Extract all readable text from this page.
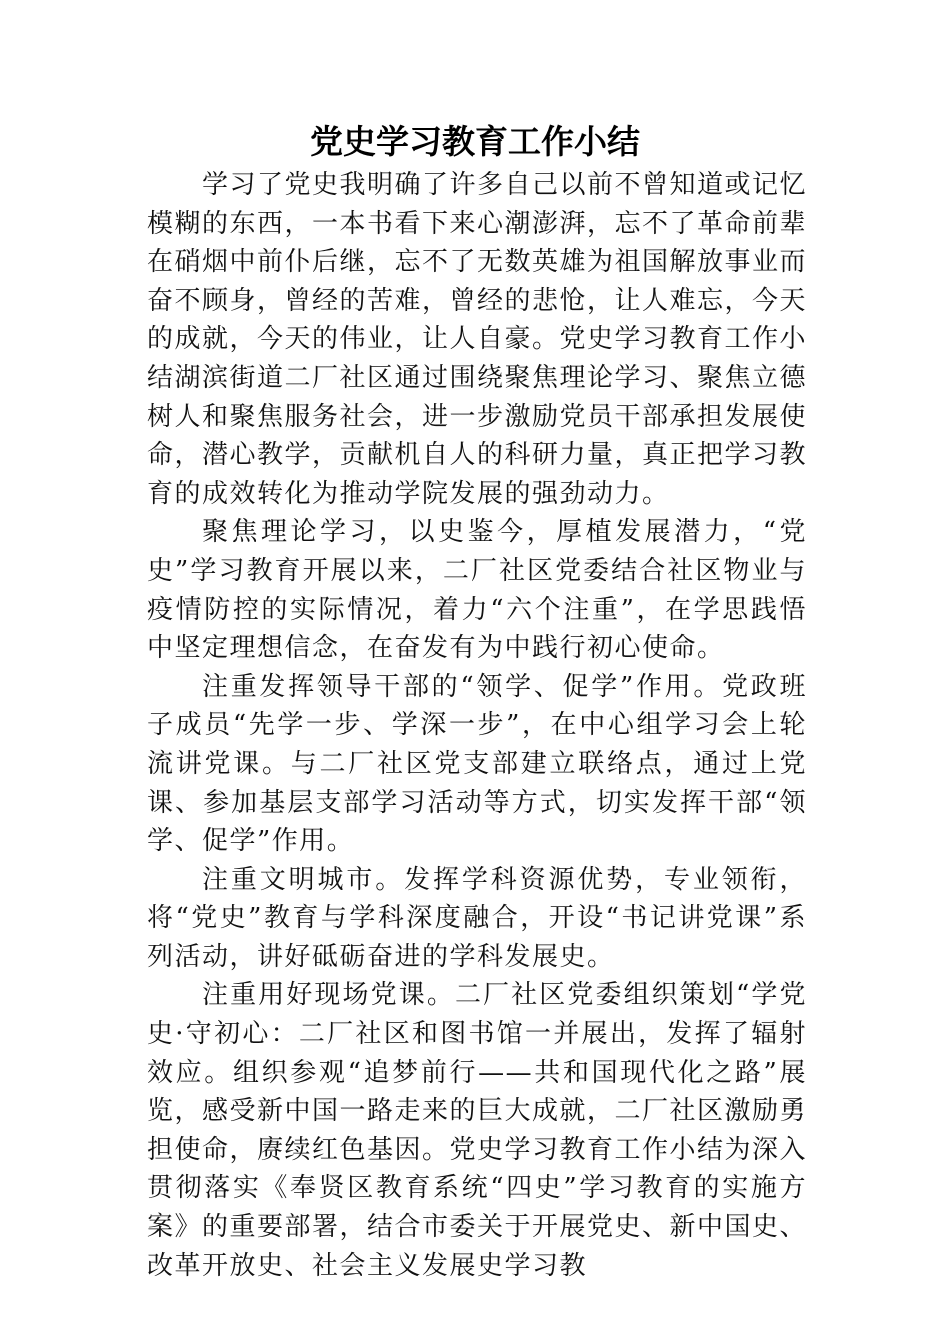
党史学习教育工作小结

学习了党史我明确了许多自己以前不曾知道或记忆模糊的东西，一本书看下来心潮澎湃，忘不了革命前辈在硝烟中前仆后继，忘不了无数英雄为祖国解放事业而奋不顾身，曾经的苦难，曾经的悲怆，让人难忘，今天的成就，今天的伟业，让人自豪。党史学习教育工作小结湖滨街道二厂社区通过围绕聚焦理论学习、聚焦立德树人和聚焦服务社会，进一步激励党员干部承担发展使命，潜心教学，贡献机自人的科研力量，真正把学习教育的成效转化为推动学院发展的强劲动力。

聚焦理论学习，以史鉴今，厚植发展潜力，“党史”学习教育开展以来，二厂社区党委结合社区物业与疫情防控的实际情况，着力“六个注重”，在学思践悟中坚定理想信念，在奋发有为中践行初心使命。

注重发挥领导干部的“领学、促学”作用。党政班子成员“先学一步、学深一步”，在中心组学习会上轮流讲党课。与二厂社区党支部建立联络点，通过上党课、参加基层支部学习活动等方式，切实发挥干部“领学、促学”作用。

注重文明城市。发挥学科资源优势，专业领衔，将“党史”教育与学科深度融合，开设“书记讲党课”系列活动，讲好砥砺奋进的学科发展史。

注重用好现场党课。二厂社区党委组织策划“学党史·守初心：二厂社区和图书馆一并展出，发挥了辐射效应。组织参观“追梦前行——共和国现代化之路”展览，感受新中国一路走来的巨大成就，二厂社区激励勇担使命，赓续红色基因。党史学习教育工作小结为深入贯彻落实《奉贤区教育系统“四史”学习教育的实施方案》的重要部署，结合市委关于开展党史、新中国史、改革开放史、社会主义发展史学习教
